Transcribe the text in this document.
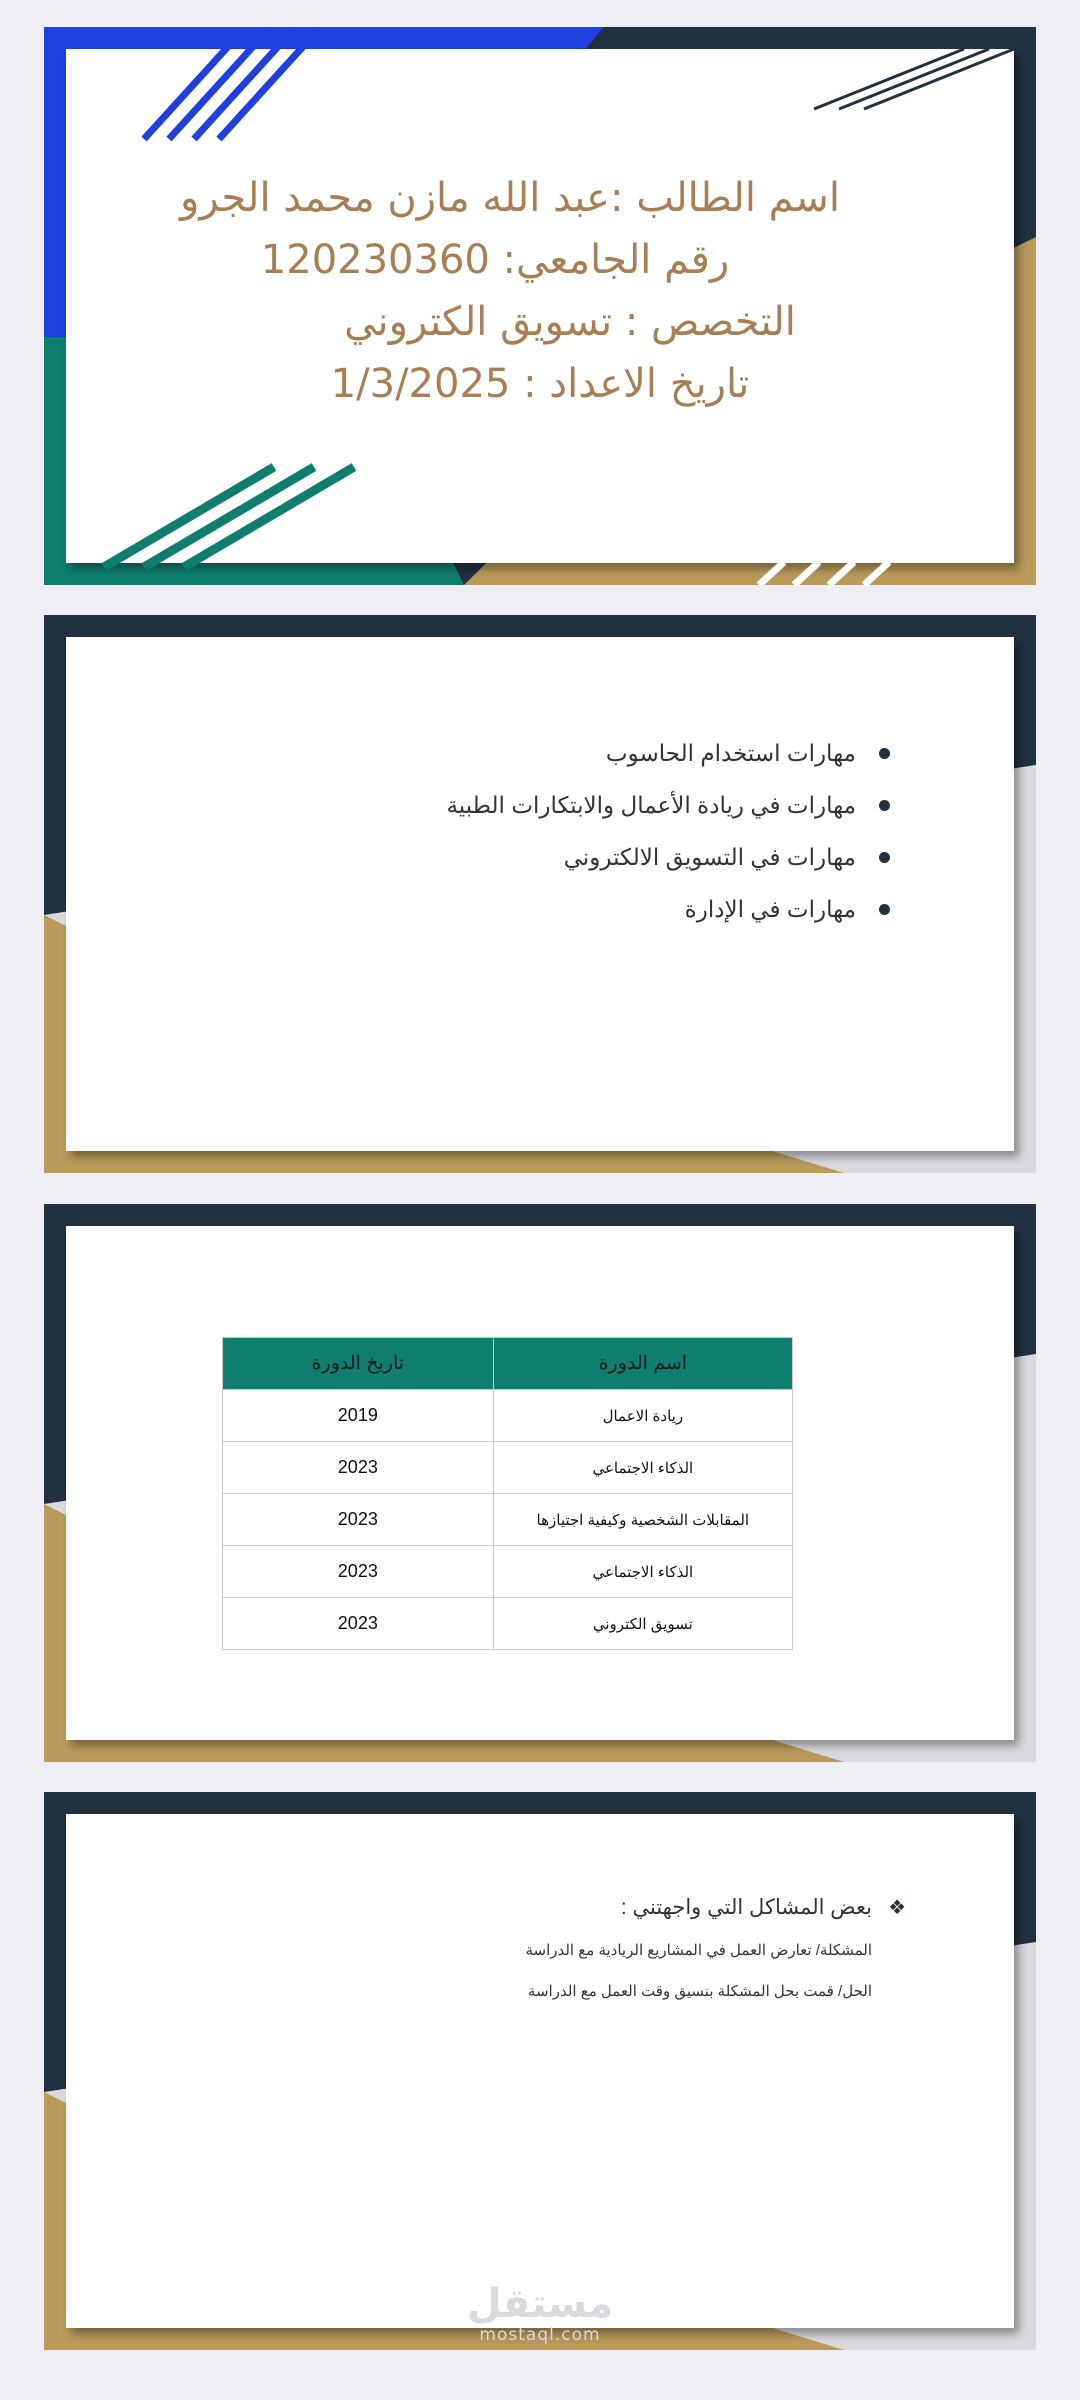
اسم الطالب :عبد الله مازن محمد الجرو
رقم الجامعي: 120230360
التخصص : تسويق الكتروني
تاريخ الاعداد : 1/3/2025
مهارات استخدام الحاسوب
مهارات في ريادة الأعمال والابتكارات الطبية
مهارات في التسويق الالكتروني
مهارات في الإدارة
اسم الدورة	تاريخ الدورة
ريادة الاعمال	2019
الذكاء الاجتماعي	2023
المقابلات الشخصية وكيفية اجتيازها	2023
الذكاء الاجتماعي	2023
تسويق الكتروني	2023
❖
بعض المشاكل التي واجهتني :
المشكلة/ تعارض العمل في المشاريع الريادية مع الدراسة
الحل/ قمت بحل المشكلة بنسيق وقت العمل مع الدراسة
مستقل
mostaql.com
